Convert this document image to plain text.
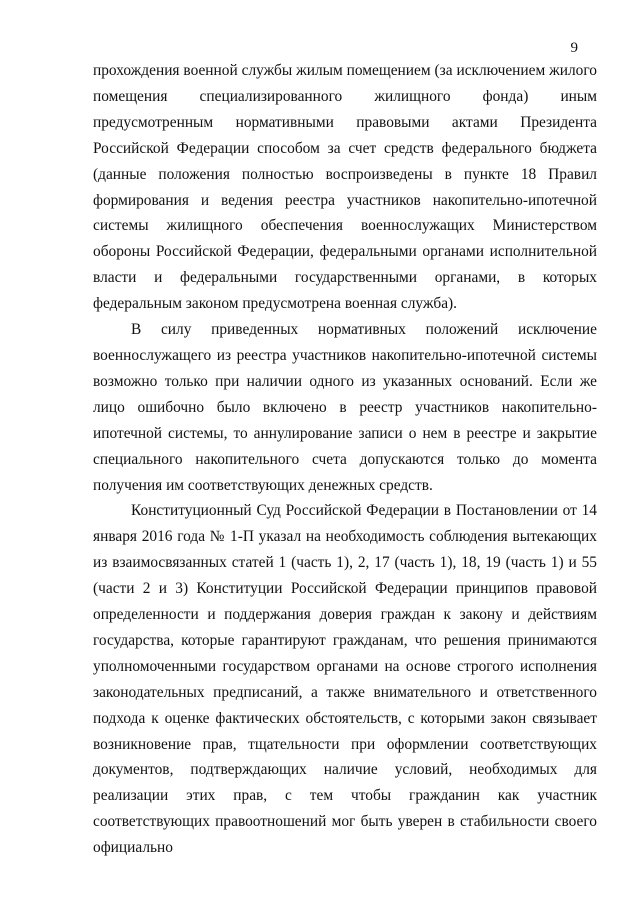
9

прохождения военной службы жилым помещением (за исключением жилого помещения специализированного жилищного фонда) иным предусмотренным нормативными правовыми актами Президента Российской Федерации способом за счет средств федерального бюджета (данные положения полностью воспроизведены в пункте 18 Правил формирования и ведения реестра участников накопительно-ипотечной системы жилищного обеспечения военнослужащих Министерством обороны Российской Федерации, федеральными органами исполнительной власти и федеральными государственными органами, в которых федеральным законом предусмотрена военная служба).

В силу приведенных нормативных положений исключение военнослужащего из реестра участников накопительно-ипотечной системы возможно только при наличии одного из указанных оснований. Если же лицо ошибочно было включено в реестр участников накопительно-ипотечной системы, то аннулирование записи о нем в реестре и закрытие специального накопительного счета допускаются только до момента получения им соответствующих денежных средств.

Конституционный Суд Российской Федерации в Постановлении от 14 января 2016 года № 1-П указал на необходимость соблюдения вытекающих из взаимосвязанных статей 1 (часть 1), 2, 17 (часть 1), 18, 19 (часть 1) и 55 (части 2 и 3) Конституции Российской Федерации принципов правовой определенности и поддержания доверия граждан к закону и действиям государства, которые гарантируют гражданам, что решения принимаются уполномоченными государством органами на основе строгого исполнения законодательных предписаний, а также внимательного и ответственного подхода к оценке фактических обстоятельств, с которыми закон связывает возникновение прав, тщательности при оформлении соответствующих документов, подтверждающих наличие условий, необходимых для реализации этих прав, с тем чтобы гражданин как участник соответствующих правоотношений мог быть уверен в стабильности своего официально
